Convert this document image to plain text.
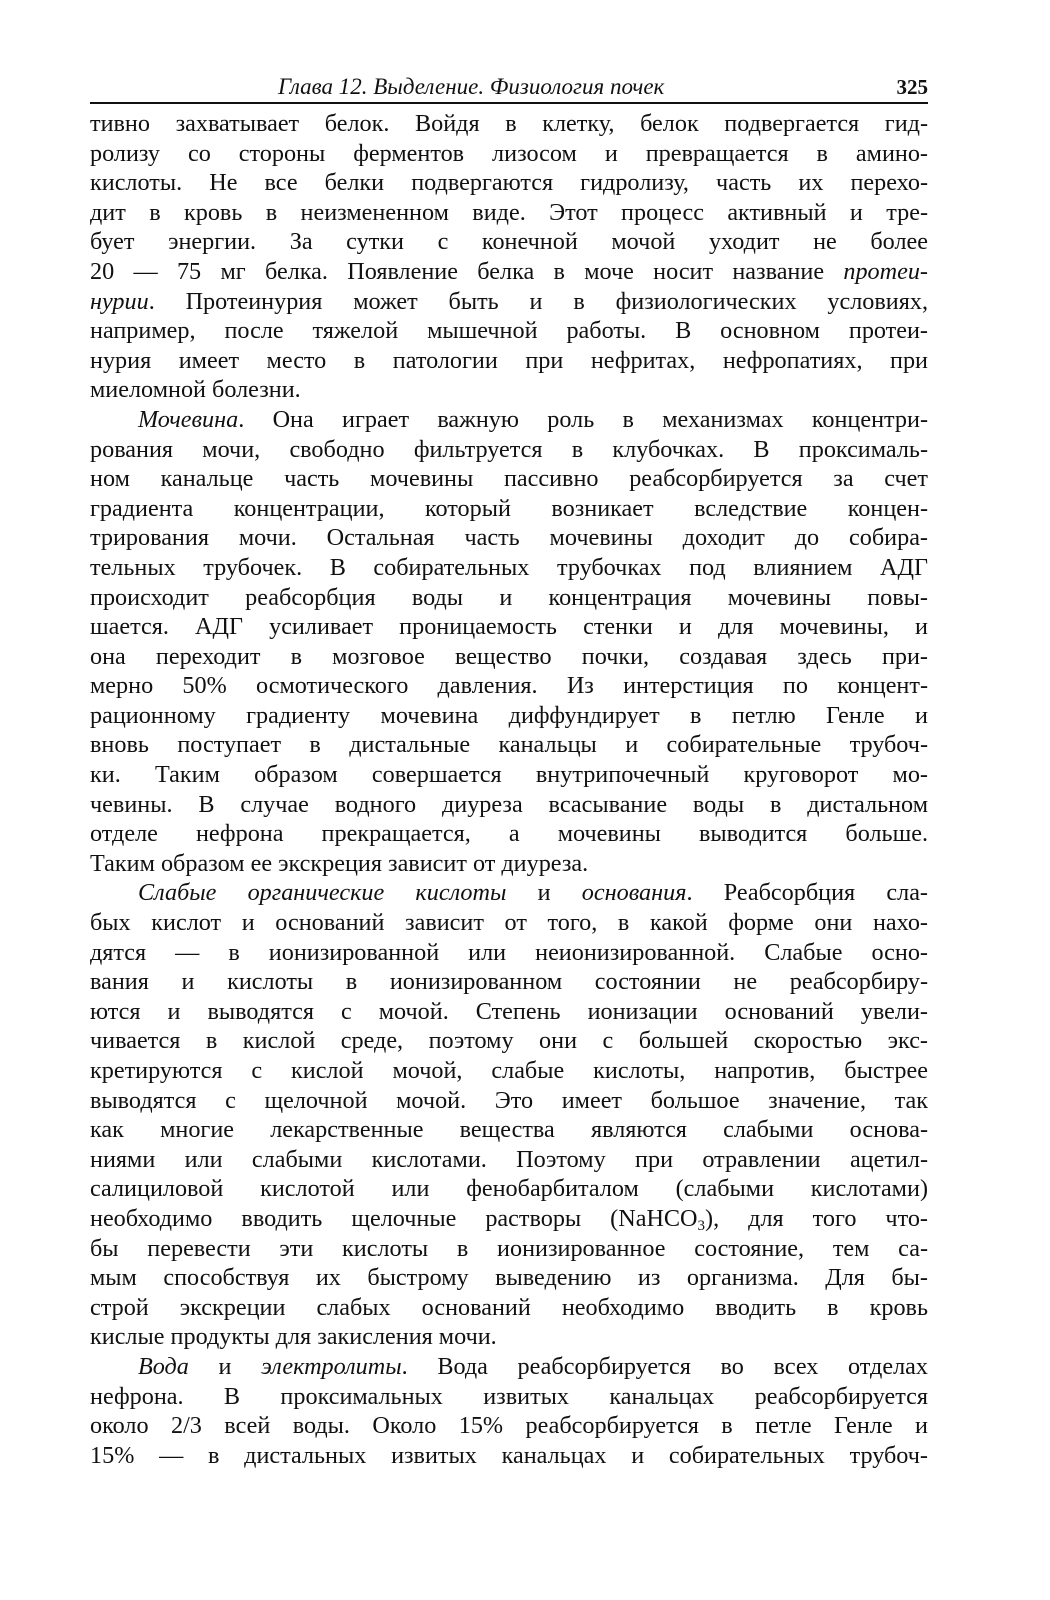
Глава 12. Выделение. Физиология почек	325
тивно захватывает белок. Войдя в клетку, белок подвергается гид-
ролизу со стороны ферментов лизосом и превращается в амино-
кислоты. Не все белки подвергаются гидролизу, часть их перехо-
дит в кровь в неизмененном виде. Этот процесс активный и тре-
бует энергии. За сутки с конечной мочой уходит не более
20 — 75 мг белка. Появление белка в моче носит название протеи-
нурии. Протеинурия может быть и в физиологических условиях,
например, после тяжелой мышечной работы. В основном протеи-
нурия имеет место в патологии при нефритах, нефропатиях, при
миеломной болезни.
Мочевина. Она играет важную роль в механизмах концентри-
рования мочи, свободно фильтруется в клубочках. В проксималь-
ном канальце часть мочевины пассивно реабсорбируется за счет
градиента концентрации, который возникает вследствие концен-
трирования мочи. Остальная часть мочевины доходит до собира-
тельных трубочек. В собирательных трубочках под влиянием АДГ
происходит реабсорбция воды и концентрация мочевины повы-
шается. АДГ усиливает проницаемость стенки и для мочевины, и
она переходит в мозговое вещество почки, создавая здесь при-
мерно 50% осмотического давления. Из интерстиция по концент-
рационному градиенту мочевина диффундирует в петлю Генле и
вновь поступает в дистальные канальцы и собирательные трубоч-
ки. Таким образом совершается внутрипочечный круговорот мо-
чевины. В случае водного диуреза всасывание воды в дистальном
отделе нефрона прекращается, а мочевины выводится больше.
Таким образом ее экскреция зависит от диуреза.
Слабые органические кислоты и основания. Реабсорбция сла-
бых кислот и оснований зависит от того, в какой форме они нахо-
дятся — в ионизированной или неионизированной. Слабые осно-
вания и кислоты в ионизированном состоянии не реабсорбиру-
ются и выводятся с мочой. Степень ионизации оснований увели-
чивается в кислой среде, поэтому они с большей скоростью экс-
кретируются с кислой мочой, слабые кислоты, напротив, быстрее
выводятся с щелочной мочой. Это имеет большое значение, так
как многие лекарственные вещества являются слабыми основа-
ниями или слабыми кислотами. Поэтому при отравлении ацетил-
салициловой кислотой или фенобарбиталом (слабыми кислотами)
необходимо вводить щелочные растворы (NaHCO$_3$), для того что-
бы перевести эти кислоты в ионизированное состояние, тем са-
мым способствуя их быстрому выведению из организма. Для бы-
строй экскреции слабых оснований необходимо вводить в кровь
кислые продукты для закисления мочи.
Вода и электролиты. Вода реабсорбируется во всех отделах
нефрона. В проксимальных извитых канальцах реабсорбируется
около 2/3 всей воды. Около 15% реабсорбируется в петле Генле и
15% — в дистальных извитых канальцах и собирательных трубоч-
